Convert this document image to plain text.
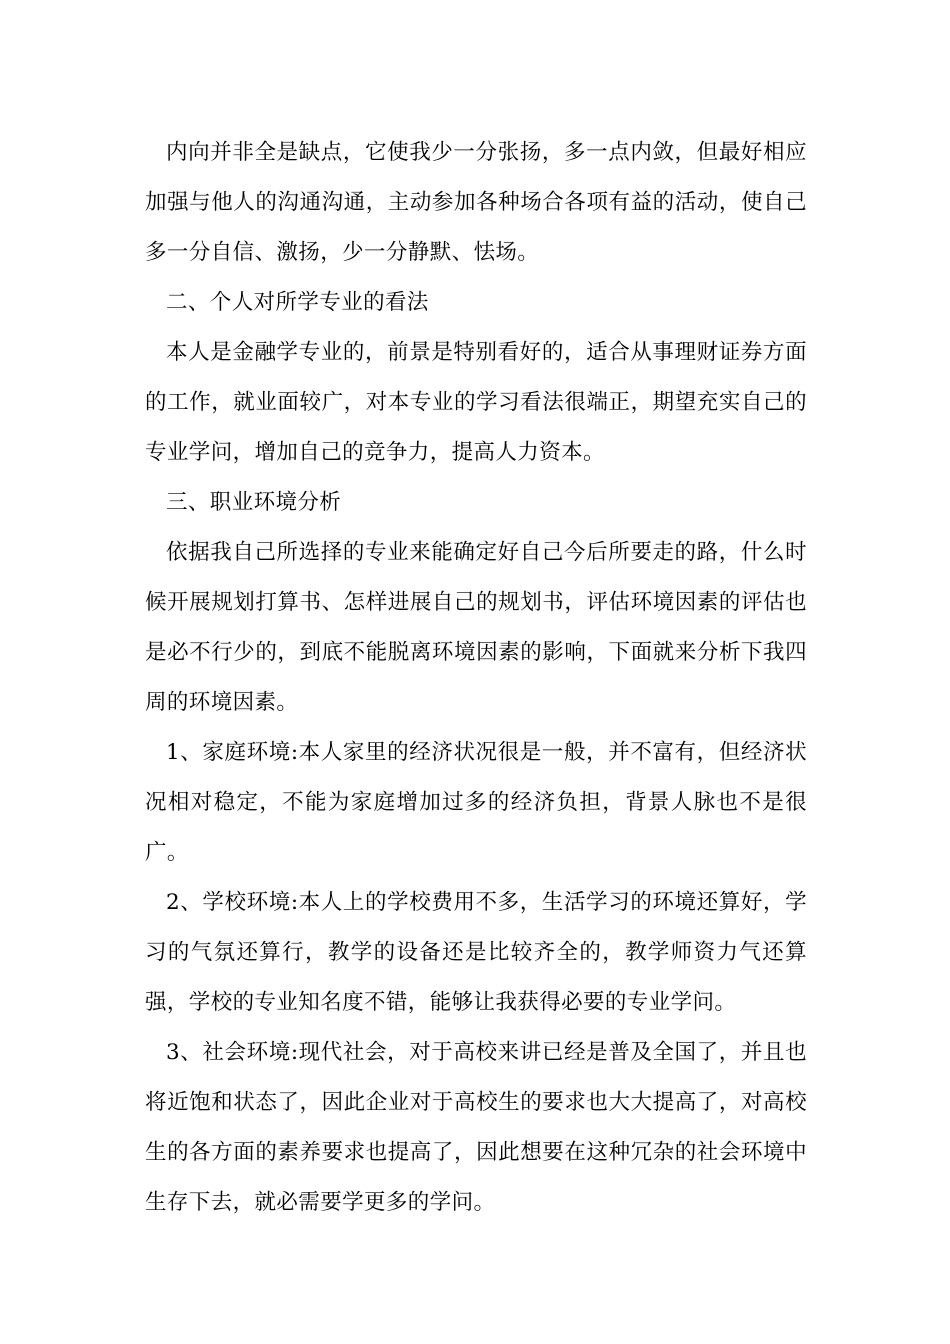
内向并非全是缺点，它使我少一分张扬，多一点内敛，但最好相应加强与他人的沟通沟通，主动参加各种场合各项有益的活动，使自己多一分自信、激扬，少一分静默、怯场。

二、个人对所学专业的看法

本人是金融学专业的，前景是特别看好的，适合从事理财证券方面的工作，就业面较广，对本专业的学习看法很端正，期望充实自己的专业学问，增加自己的竞争力，提高人力资本。

三、职业环境分析

依据我自己所选择的专业来能确定好自己今后所要走的路，什么时候开展规划打算书、怎样进展自己的规划书，评估环境因素的评估也是必不行少的，到底不能脱离环境因素的影响，下面就来分析下我四周的环境因素。

1、家庭环境:本人家里的经济状况很是一般，并不富有，但经济状况相对稳定，不能为家庭增加过多的经济负担，背景人脉也不是很广。

2、学校环境:本人上的学校费用不多，生活学习的环境还算好，学习的气氛还算行，教学的设备还是比较齐全的，教学师资力气还算强，学校的专业知名度不错，能够让我获得必要的专业学问。

3、社会环境:现代社会，对于高校来讲已经是普及全国了，并且也将近饱和状态了，因此企业对于高校生的要求也大大提高了，对高校生的各方面的素养要求也提高了，因此想要在这种冗杂的社会环境中生存下去，就必需要学更多的学问。
